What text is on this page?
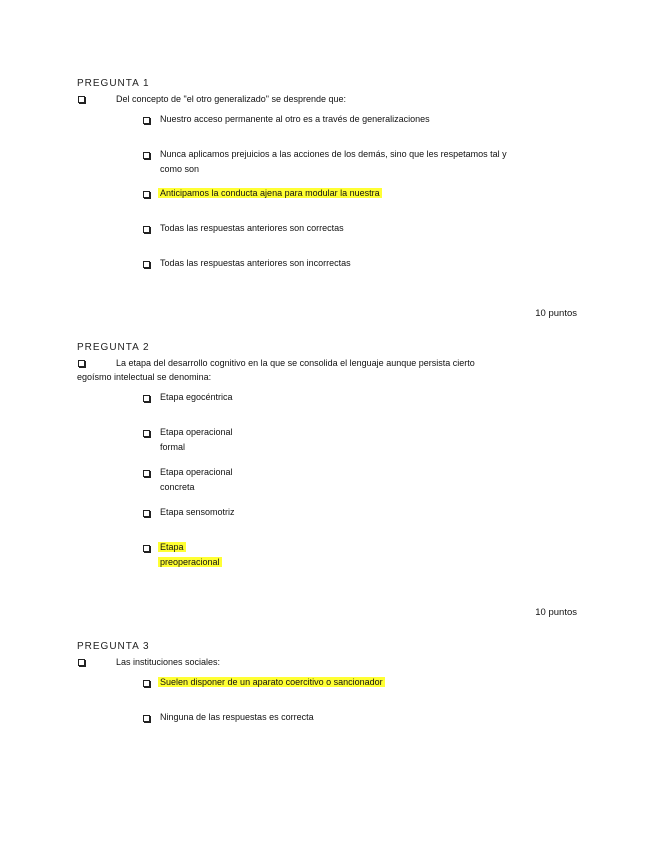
PREGUNTA 1
Del concepto de "el otro generalizado" se desprende que:
Nuestro acceso permanente al otro es a través de generalizaciones
Nunca aplicamos prejuicios a las acciones de los demás, sino que les respetamos tal y
como son
Anticipamos la conducta ajena para modular la nuestra
Todas las respuestas anteriores son correctas
Todas las respuestas anteriores son incorrectas
10 puntos
PREGUNTA 2
La etapa del desarrollo cognitivo en la que se consolida el lenguaje aunque persista cierto
egoísmo intelectual se denomina:
Etapa egocéntrica
Etapa operacional
formal
Etapa operacional
concreta
Etapa sensomotriz
Etapa
preoperacional
10 puntos
PREGUNTA 3
Las instituciones sociales:
Suelen disponer de un aparato coercitivo o sancionador
Ninguna de las respuestas es correcta
